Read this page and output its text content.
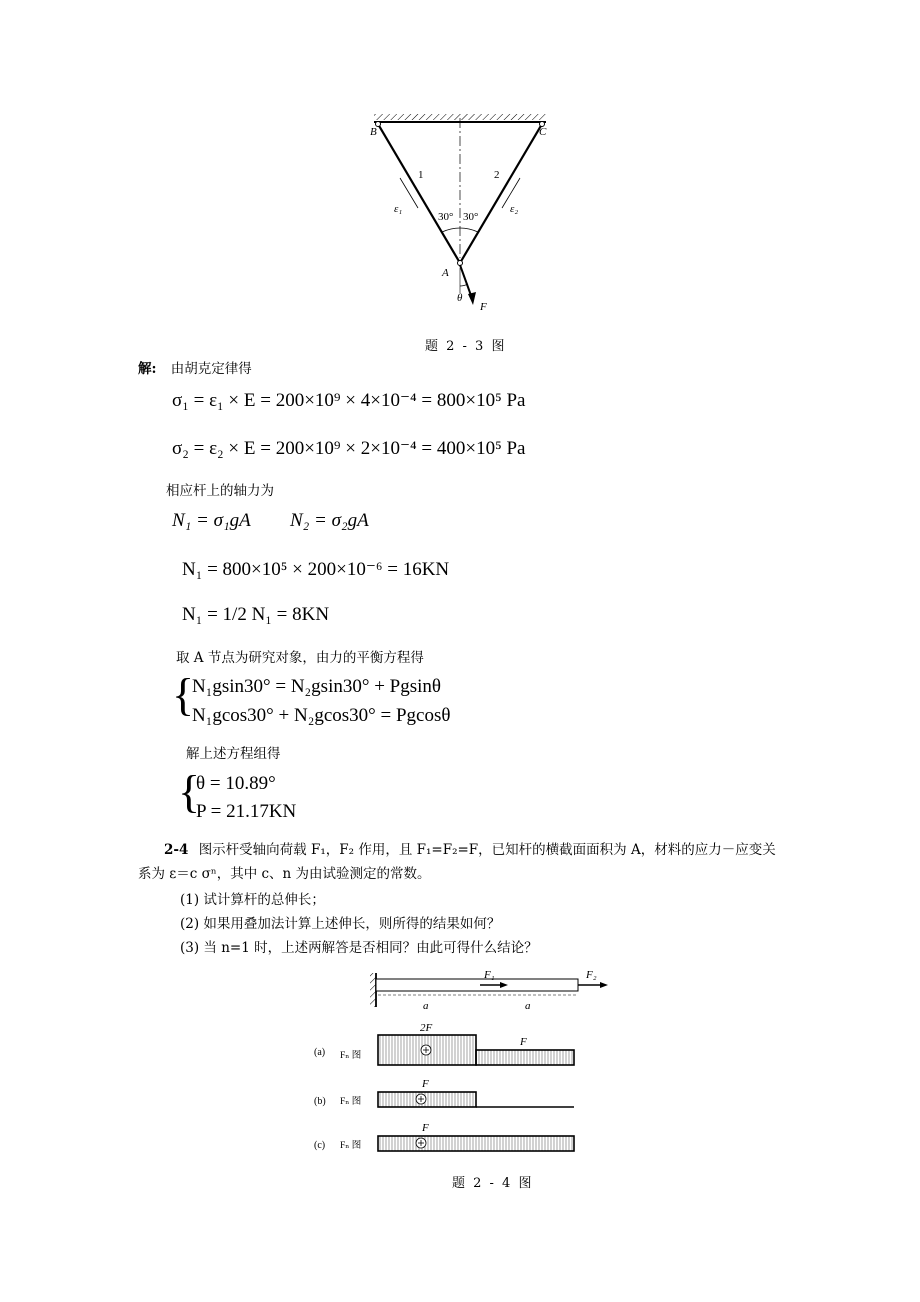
B	C
1	2
ε₁	ε₂
30° 30°
A
θ
F
题 2 - 3 图
解: 由胡克定律得
σ₁ = ε₁ × E = 200×10⁹ × 4×10⁻⁴ = 800×10⁵ Pa
σ₂ = ε₂ × E = 200×10⁹ × 2×10⁻⁴ = 400×10⁵ Pa
相应杆上的轴力为
N₁ = σ₁gA N₂ = σ₂gA
N₁ = 800×10⁵ × 200×10⁻⁶ = 16KN
N₁ = 1/2 N₁ = 8KN
取 A 节点为研究对象，由力的平衡方程得
{
N₁gsin30° = N₂gsin30° + Pgsinθ
N₁gcos30° + N₂gcos30° = Pgcosθ
解上述方程组得
{
θ = 10.89°
P = 21.17KN
2-4 图示杆受轴向荷载 F₁，F₂ 作用，且 F₁=F₂=F，已知杆的横截面面积为 A，材料的应力－应变关
系为 ε＝c σⁿ，其中 c、n 为由试验测定的常数。
(1) 试计算杆的总伸长；
(2) 如果用叠加法计算上述伸长，则所得的结果如何？
(3) 当 n=1 时，上述两解答是否相同？由此可得什么结论？
F₁	F₂
a	a
2F
F
F
F
(a) Fₙ 图
(b) Fₙ 图
(c) Fₙ 图
题 2 - 4 图
